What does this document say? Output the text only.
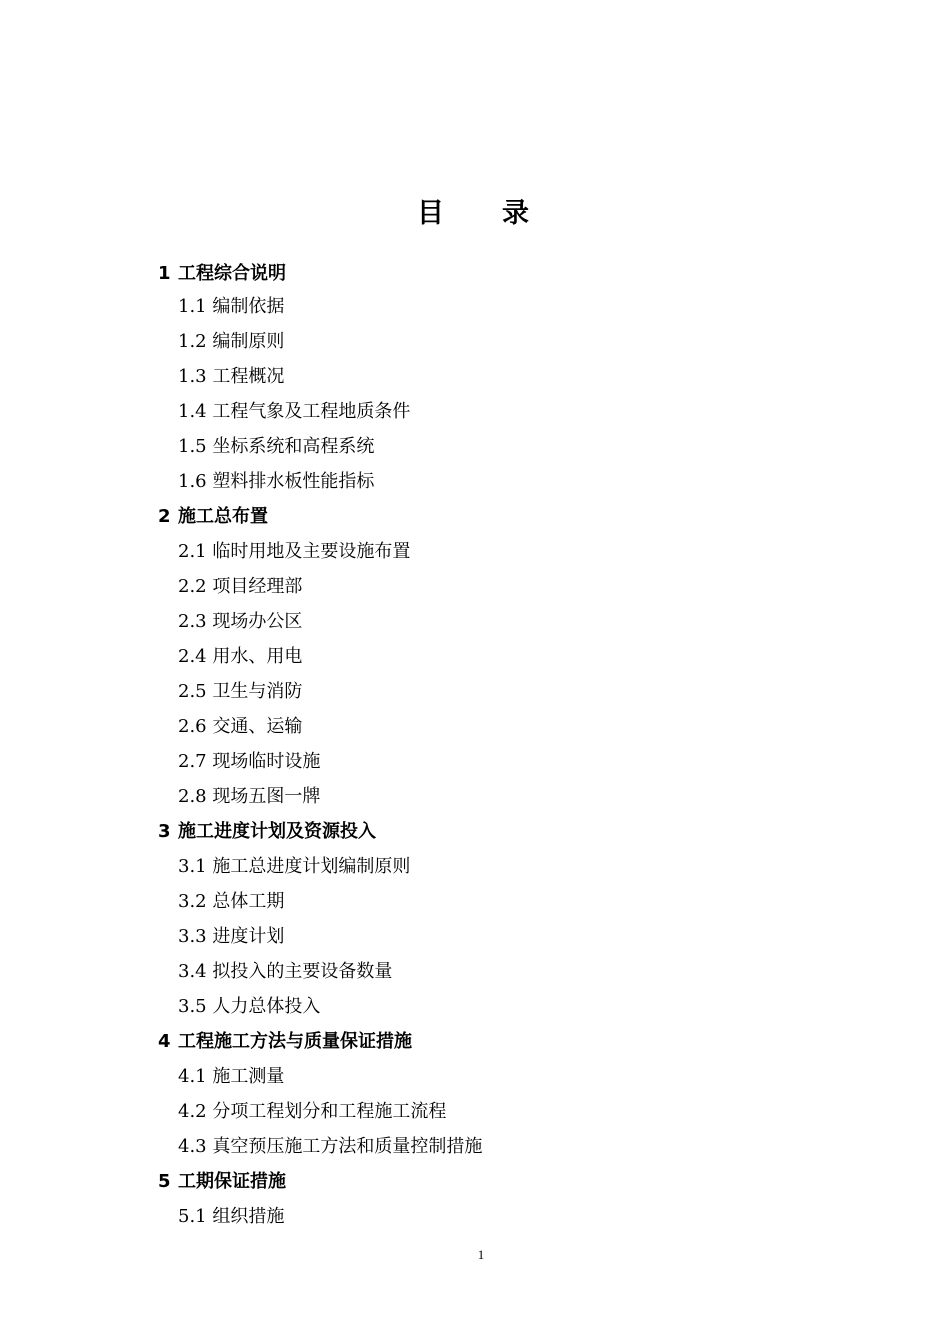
目录
1 工程综合说明
1.1 编制依据
1.2 编制原则
1.3 工程概况
1.4 工程气象及工程地质条件
1.5 坐标系统和高程系统
1.6 塑料排水板性能指标
2 施工总布置
2.1 临时用地及主要设施布置
2.2 项目经理部
2.3 现场办公区
2.4 用水、用电
2.5 卫生与消防
2.6 交通、运输
2.7 现场临时设施
2.8 现场五图一牌
3 施工进度计划及资源投入
3.1 施工总进度计划编制原则
3.2 总体工期
3.3 进度计划
3.4 拟投入的主要设备数量
3.5 人力总体投入
4 工程施工方法与质量保证措施
4.1 施工测量
4.2 分项工程划分和工程施工流程
4.3 真空预压施工方法和质量控制措施
5 工期保证措施
5.1 组织措施
1
